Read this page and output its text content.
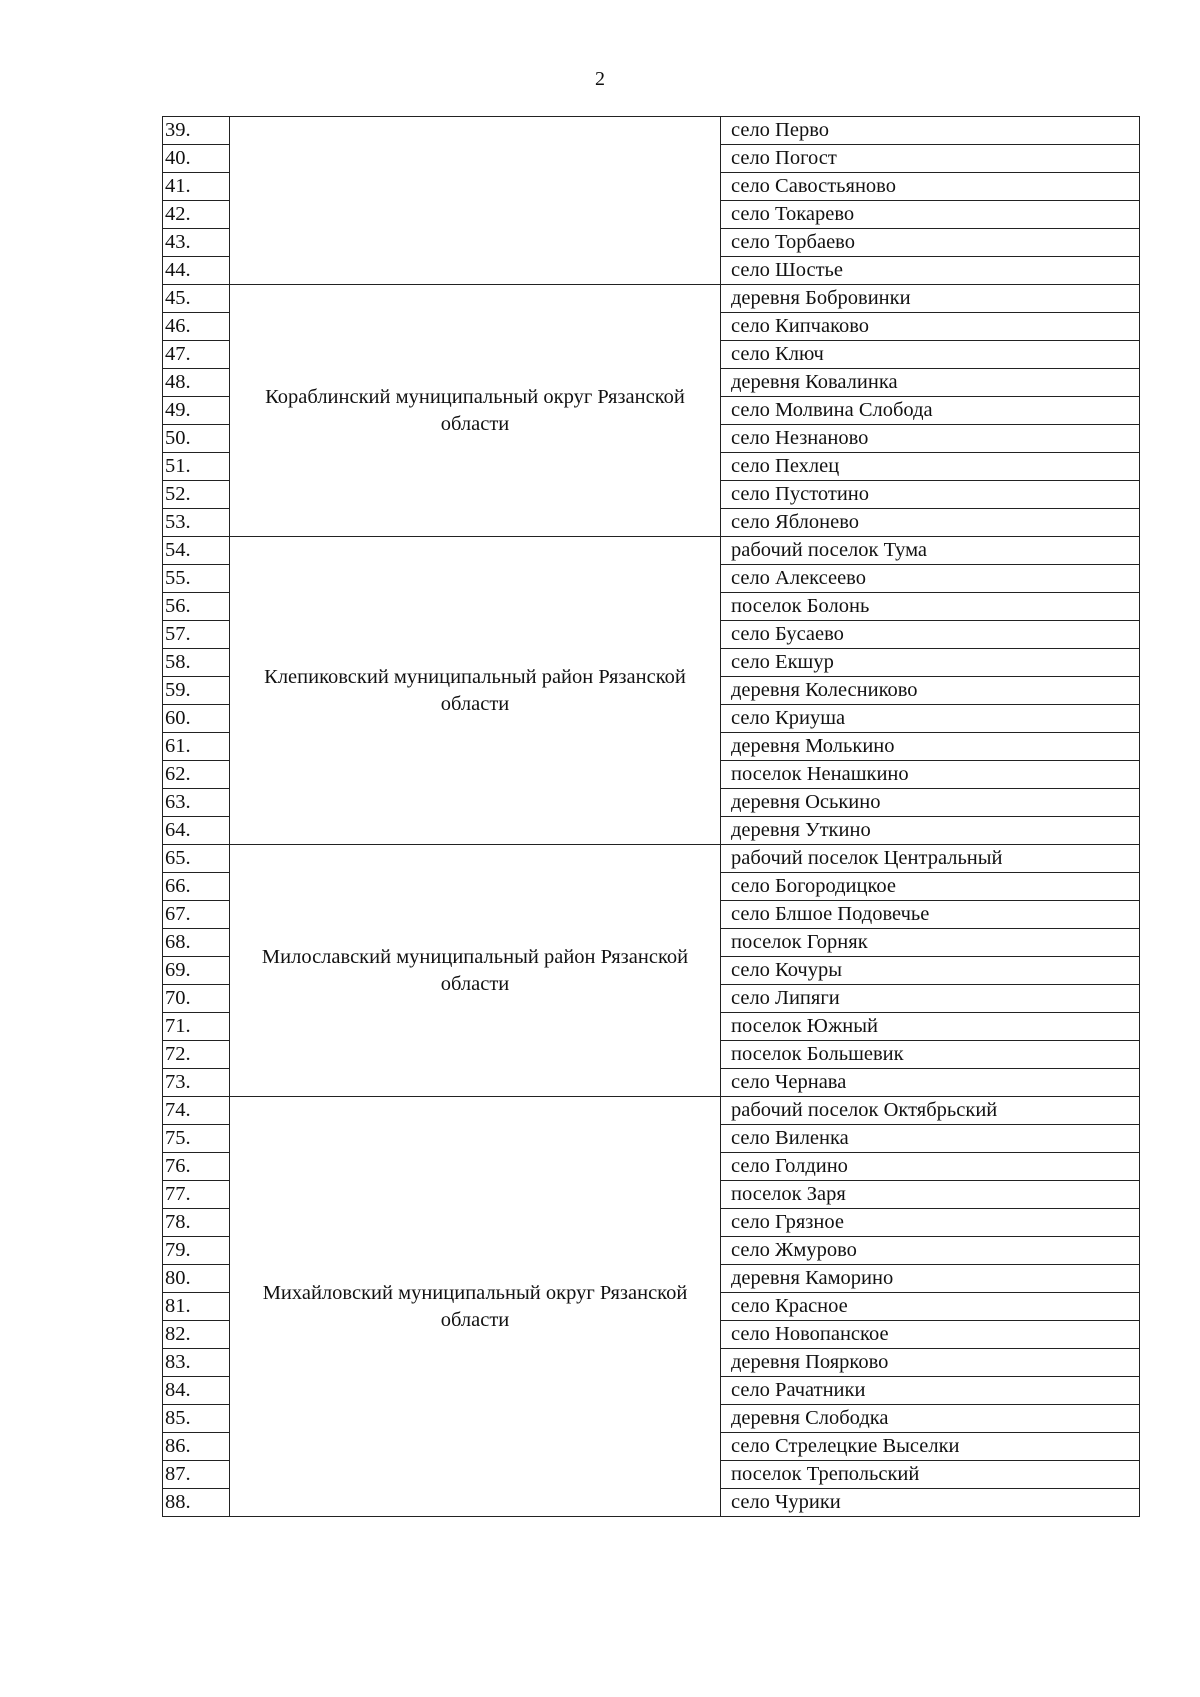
2
39.		село Перво
40.		село Погост
41.		село Савостьяново
42.		село Токарево
43.		село Торбаево
44.		село Шостье
45.	Кораблинский муниципальный округ Рязанской области	деревня Бобровинки
46.		село Кипчаково
47.		село Ключ
48.		деревня Ковалинка
49.		село Молвина Слобода
50.		село Незнаново
51.		село Пехлец
52.		село Пустотино
53.		село Яблонево
54.	Клепиковский муниципальный район Рязанской области	рабочий поселок Тума
55.		село Алексеево
56.		поселок Болонь
57.		село Бусаево
58.		село Екшур
59.		деревня Колесниково
60.		село Криуша
61.		деревня Молькино
62.		поселок Ненашкино
63.		деревня Оськино
64.		деревня Уткино
65.	Милославский муниципальный район Рязанской области	рабочий поселок Центральный
66.		село Богородицкое
67.		село Блшое Подовечье
68.		поселок Горняк
69.		село Кочуры
70.		село Липяги
71.		поселок Южный
72.		поселок Большевик
73.		село Чернава
74.	Михайловский муниципальный округ Рязанской области	рабочий поселок Октябрьский
75.		село Виленка
76.		село Голдино
77.		поселок Заря
78.		село Грязное
79.		село Жмурово
80.		деревня Каморино
81.		село Красное
82.		село Новопанское
83.		деревня Поярково
84.		село Рачатники
85.		деревня Слободка
86.		село Стрелецкие Выселки
87.		поселок Трепольский
88.		село Чурики
